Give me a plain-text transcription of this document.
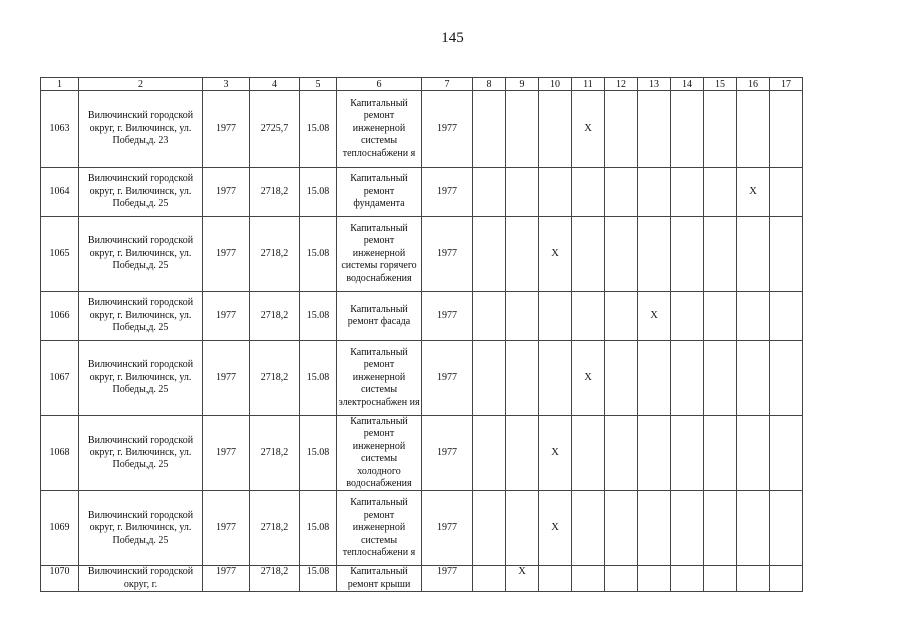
145
1	2	3	4	5	6	7	8	9	10	11	12	13	14	15	16	17
1063	Вилючинский городской округ, г. Вилючинск, ул. Победы,д. 23	1977	2725,7	15.08	Капитальный ремонт инженерной системы теплоснабжени я	1977				X						
1064	Вилючинский городской округ, г. Вилючинск, ул. Победы,д. 25	1977	2718,2	15.08	Капитальный ремонт фундамента	1977									X	
1065	Вилючинский городской округ, г. Вилючинск, ул. Победы,д. 25	1977	2718,2	15.08	Капитальный ремонт инженерной системы горячего водоснабжения	1977			X							
1066	Вилючинский городской округ, г. Вилючинск, ул. Победы,д. 25	1977	2718,2	15.08	Капитальный ремонт фасада	1977						X				
1067	Вилючинский городской округ, г. Вилючинск, ул. Победы,д. 25	1977	2718,2	15.08	Капитальный ремонт инженерной системы электроснабжен ия	1977				X						
1068	Вилючинский городской округ, г. Вилючинск, ул. Победы,д. 25	1977	2718,2	15.08	Капитальный ремонт инженерной системы холодного водоснабжения	1977			X							
1069	Вилючинский городской округ, г. Вилючинск, ул. Победы,д. 25	1977	2718,2	15.08	Капитальный ремонт инженерной системы теплоснабжени я	1977			X							
1070	Вилючинский городской округ, г.	1977	2718,2	15.08	Капитальный ремонт крыши	1977		X								
